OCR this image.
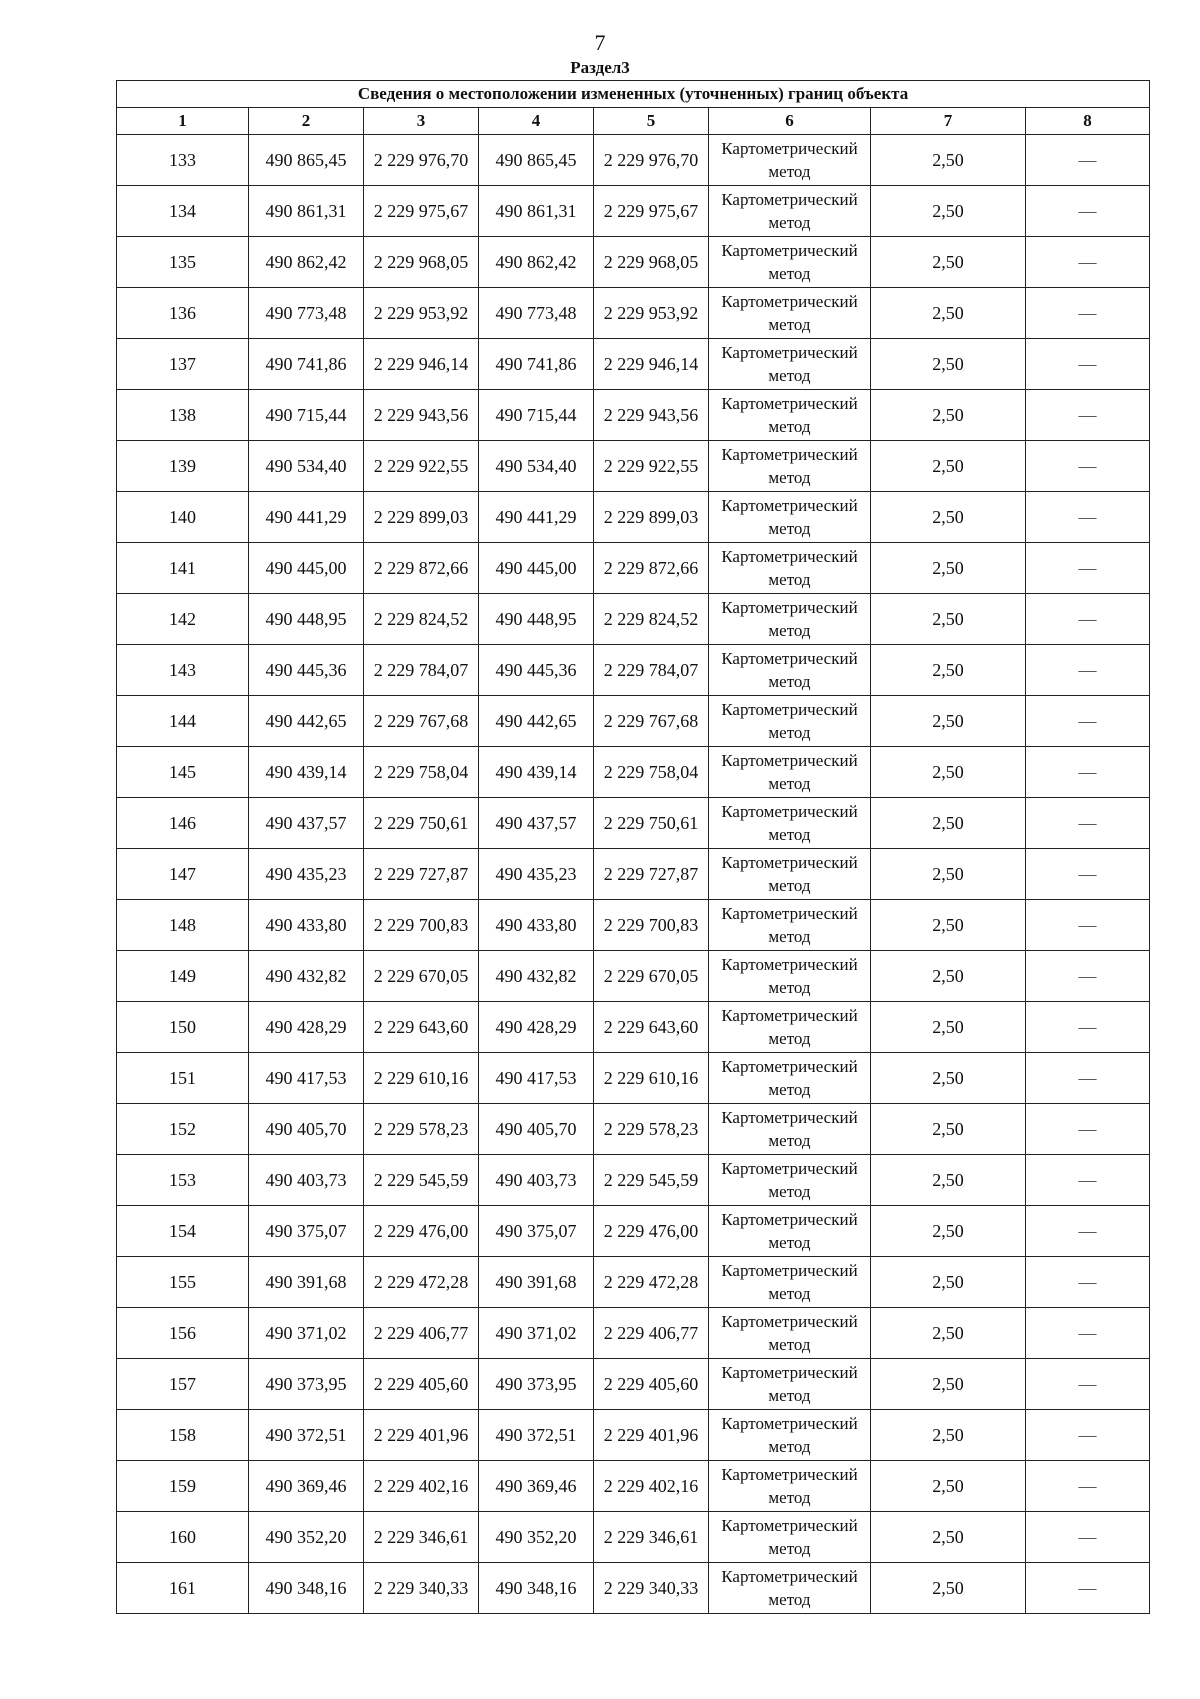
7
Раздел3
Сведения о местоположении измененных (уточненных) границ объекта							
1	2	3	4	5	6	7	8
133	490 865,45	2 229 976,70	490 865,45	2 229 976,70	Картометрический метод	2,50	—
134	490 861,31	2 229 975,67	490 861,31	2 229 975,67	Картометрический метод	2,50	—
135	490 862,42	2 229 968,05	490 862,42	2 229 968,05	Картометрический метод	2,50	—
136	490 773,48	2 229 953,92	490 773,48	2 229 953,92	Картометрический метод	2,50	—
137	490 741,86	2 229 946,14	490 741,86	2 229 946,14	Картометрический метод	2,50	—
138	490 715,44	2 229 943,56	490 715,44	2 229 943,56	Картометрический метод	2,50	—
139	490 534,40	2 229 922,55	490 534,40	2 229 922,55	Картометрический метод	2,50	—
140	490 441,29	2 229 899,03	490 441,29	2 229 899,03	Картометрический метод	2,50	—
141	490 445,00	2 229 872,66	490 445,00	2 229 872,66	Картометрический метод	2,50	—
142	490 448,95	2 229 824,52	490 448,95	2 229 824,52	Картометрический метод	2,50	—
143	490 445,36	2 229 784,07	490 445,36	2 229 784,07	Картометрический метод	2,50	—
144	490 442,65	2 229 767,68	490 442,65	2 229 767,68	Картометрический метод	2,50	—
145	490 439,14	2 229 758,04	490 439,14	2 229 758,04	Картометрический метод	2,50	—
146	490 437,57	2 229 750,61	490 437,57	2 229 750,61	Картометрический метод	2,50	—
147	490 435,23	2 229 727,87	490 435,23	2 229 727,87	Картометрический метод	2,50	—
148	490 433,80	2 229 700,83	490 433,80	2 229 700,83	Картометрический метод	2,50	—
149	490 432,82	2 229 670,05	490 432,82	2 229 670,05	Картометрический метод	2,50	—
150	490 428,29	2 229 643,60	490 428,29	2 229 643,60	Картометрический метод	2,50	—
151	490 417,53	2 229 610,16	490 417,53	2 229 610,16	Картометрический метод	2,50	—
152	490 405,70	2 229 578,23	490 405,70	2 229 578,23	Картометрический метод	2,50	—
153	490 403,73	2 229 545,59	490 403,73	2 229 545,59	Картометрический метод	2,50	—
154	490 375,07	2 229 476,00	490 375,07	2 229 476,00	Картометрический метод	2,50	—
155	490 391,68	2 229 472,28	490 391,68	2 229 472,28	Картометрический метод	2,50	—
156	490 371,02	2 229 406,77	490 371,02	2 229 406,77	Картометрический метод	2,50	—
157	490 373,95	2 229 405,60	490 373,95	2 229 405,60	Картометрический метод	2,50	—
158	490 372,51	2 229 401,96	490 372,51	2 229 401,96	Картометрический метод	2,50	—
159	490 369,46	2 229 402,16	490 369,46	2 229 402,16	Картометрический метод	2,50	—
160	490 352,20	2 229 346,61	490 352,20	2 229 346,61	Картометрический метод	2,50	—
161	490 348,16	2 229 340,33	490 348,16	2 229 340,33	Картометрический метод	2,50	—
